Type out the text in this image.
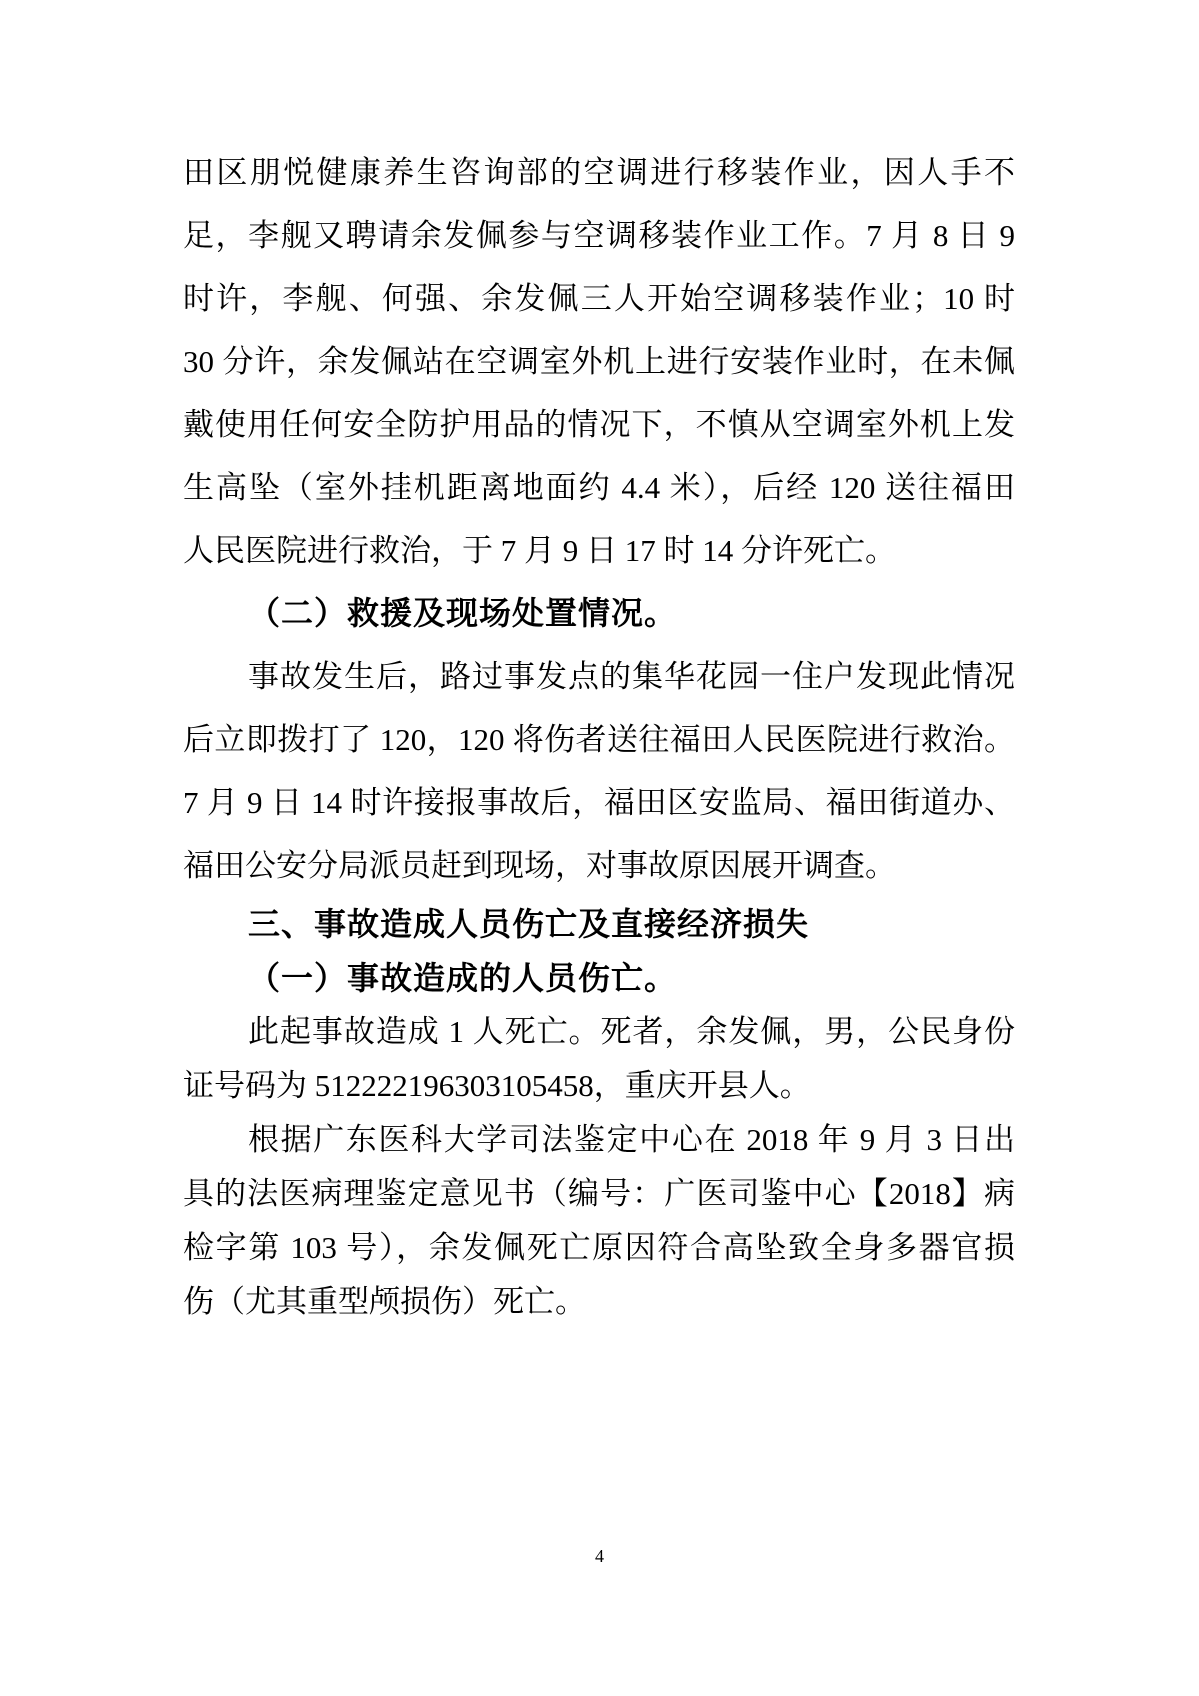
田区朋悦健康养生咨询部的空调进行移装作业，因人手不
足，李舰又聘请余发佩参与空调移装作业工作。7 月 8 日 9
时许，李舰、何强、余发佩三人开始空调移装作业；10 时
30 分许，余发佩站在空调室外机上进行安装作业时，在未佩
戴使用任何安全防护用品的情况下，不慎从空调室外机上发
生高坠（室外挂机距离地面约 4.4 米），后经 120 送往福田
人民医院进行救治，于 7 月 9 日 17 时 14 分许死亡。
（二）救援及现场处置情况。
事故发生后，路过事发点的集华花园一住户发现此情况
后立即拨打了 120，120 将伤者送往福田人民医院进行救治。
7 月 9 日 14 时许接报事故后，福田区安监局、福田街道办、
福田公安分局派员赶到现场，对事故原因展开调查。
三、事故造成人员伤亡及直接经济损失
（一）事故造成的人员伤亡。
此起事故造成 1 人死亡。死者，余发佩，男，公民身份
证号码为 512222196303105458，重庆开县人。
根据广东医科大学司法鉴定中心在 2018 年 9 月 3 日出
具的法医病理鉴定意见书（编号：广医司鉴中心【2018】病
检字第 103 号），余发佩死亡原因符合高坠致全身多器官损
伤（尤其重型颅损伤）死亡。
4
